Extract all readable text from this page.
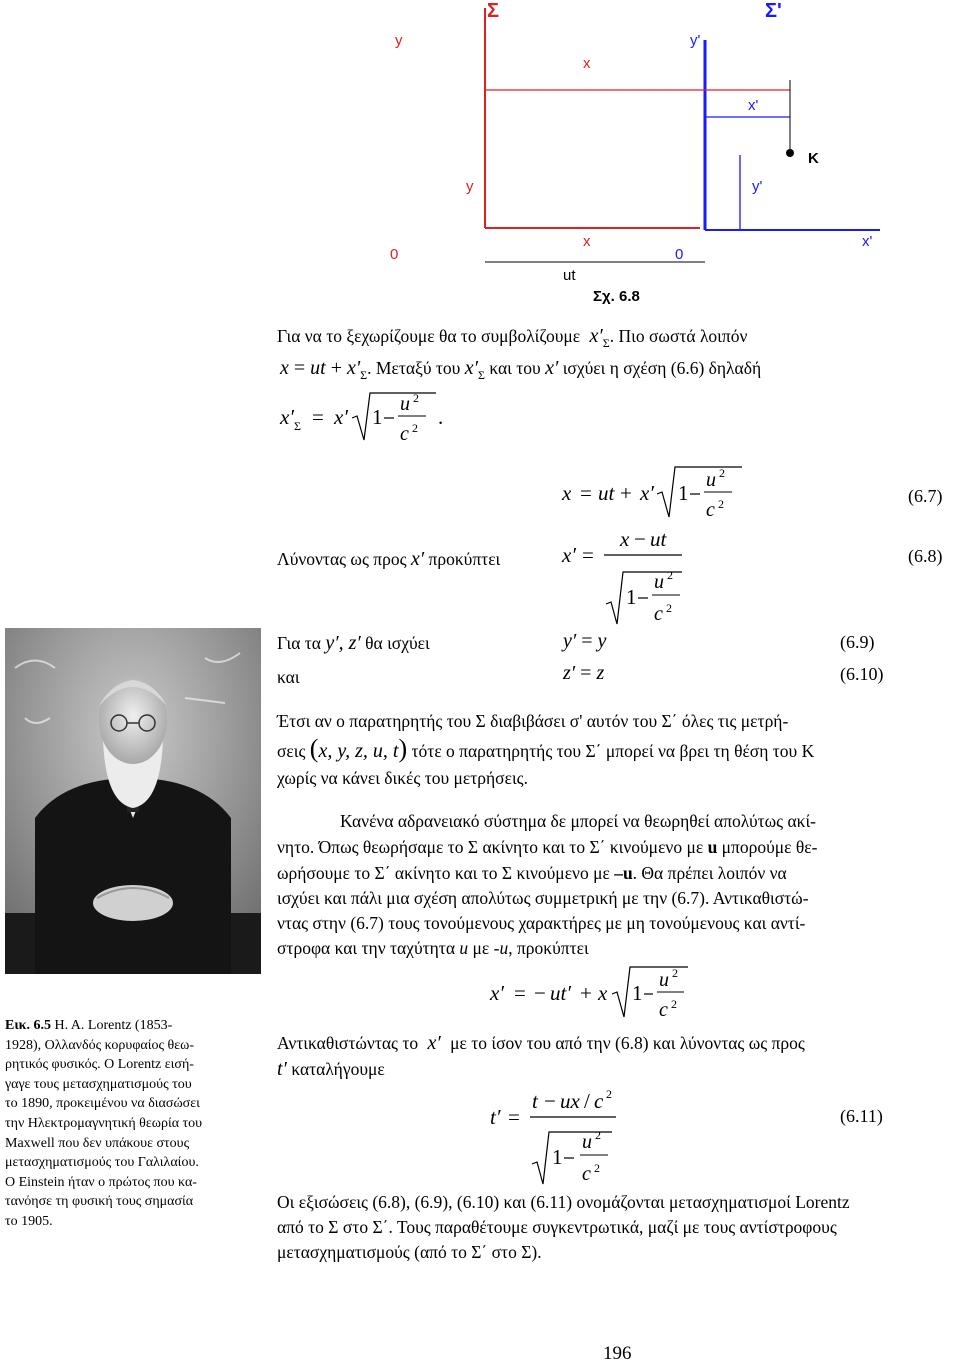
Σ	Σ'
y	y'
x
x'
K
y	y'
x	x'
0	0
ut
Σχ. 6.8
Για να το ξεχωρίζουμε θα το συμβολίζουμε  $x'_\Sigma$. Πιο σωστά λοιπόν
x = ut + $x'_\Sigma$. Μεταξύ του $x'_\Sigma$ και του x′ ισχύει η σχέση (6.6) δηλαδή
x′ Σ = x′ 1
u 2
c 2 .
x = ut + x′ 1
u 2
c 2	(6.7)
Λύνοντας ως προς x′ προκύπτει	x′ =
x − ut
1
u 2
c 2
(6.8)
Για τα y′, z′ θα ισχύει	y′ = y	(6.9)
και	z′ = z	(6.10)
Έτσι αν ο παρατηρητής του Σ διαβιβάσει σ' αυτόν του Σ΄ όλες τις μετρή-
σεις (x, y, z, u, t) τότε ο παρατηρητής του Σ΄ μπορεί να βρει τη θέση του Κ
χωρίς να κάνει δικές του μετρήσεις.
Κανένα αδρανειακό σύστημα δε μπορεί να θεωρηθεί απολύτως ακί-
νητο. Όπως θεωρήσαμε το Σ ακίνητο και το Σ΄ κινούμενο με u μπορούμε θε-
ωρήσουμε το Σ΄ ακίνητο και το Σ κινούμενο με –u. Θα πρέπει λοιπόν να
ισχύει και πάλι μια σχέση απολύτως συμμετρική με την (6.7). Αντικαθιστώ-
ντας στην (6.7) τους τονούμενους χαρακτήρες με μη τονούμενους και αντί-
στροφα και την ταχύτητα u με -u, προκύπτει
x′ = − ut′ + x 1
u 2
c 2
Αντικαθιστώντας το  x′  με το ίσον του από την (6.8) και λύνοντας ως προς
t′ καταλήγουμε
t′ =
t − ux / c 2
1
u 2
c 2
(6.11)
Οι εξισώσεις (6.8), (6.9), (6.10) και (6.11) ονομάζονται μετασχηματισμοί Lorentz
από το Σ στο Σ΄. Τους παραθέτουμε συγκεντρωτικά, μαζί με τους αντίστροφους
μετασχηματισμούς (από το Σ΄ στο Σ).
Εικ. 6.5 H. A. Lorentz (1853-
1928), Ολλανδός κορυφαίος θεω-
ρητικός φυσικός. O Lorentz εισή-
γαγε τους μετασχηματισμούς του
το 1890, προκειμένου να διασώσει
την Ηλεκτρομαγνητική θεωρία του
Maxwell που δεν υπάκουε στους
μετασχηματισμούς του Γαλιλαίου.
O Einstein ήταν ο πρώτος που κα-
τανόησε τη φυσική τους σημασία
το 1905.
196
